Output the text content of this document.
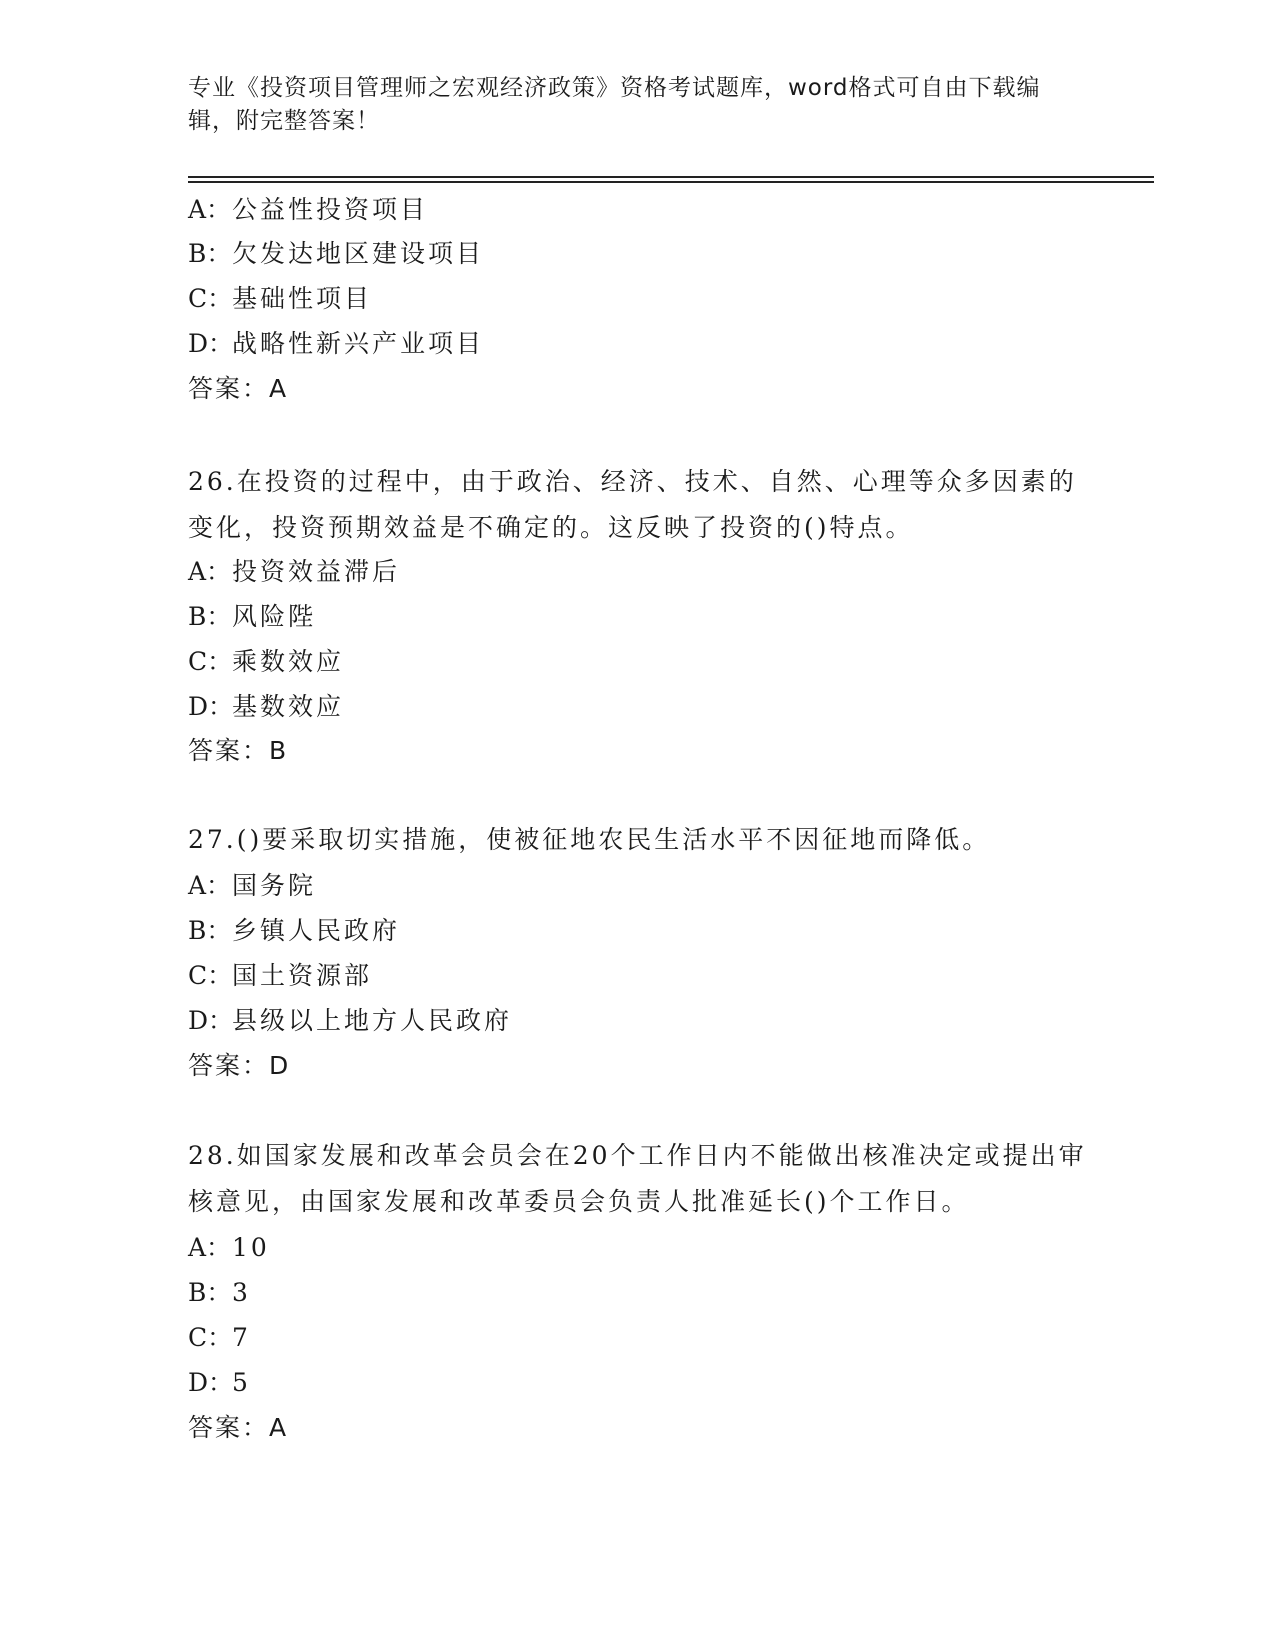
专业《投资项目管理师之宏观经济政策》资格考试题库，word格式可自由下载编辑，附完整答案！
A：公益性投资项目
B：欠发达地区建设项目
C：基础性项目
D：战略性新兴产业项目
答案：A
26.在投资的过程中，由于政治、经济、技术、自然、心理等众多因素的变化，投资预期效益是不确定的。这反映了投资的()特点。
A：投资效益滞后
B：风险陛
C：乘数效应
D：基数效应
答案：B
27.()要采取切实措施，使被征地农民生活水平不因征地而降低。
A：国务院
B：乡镇人民政府
C：国土资源部
D：县级以上地方人民政府
答案：D
28.如国家发展和改革会员会在20个工作日内不能做出核准决定或提出审核意见，由国家发展和改革委员会负责人批准延长()个工作日。
A：10
B：3
C：7
D：5
答案：A
